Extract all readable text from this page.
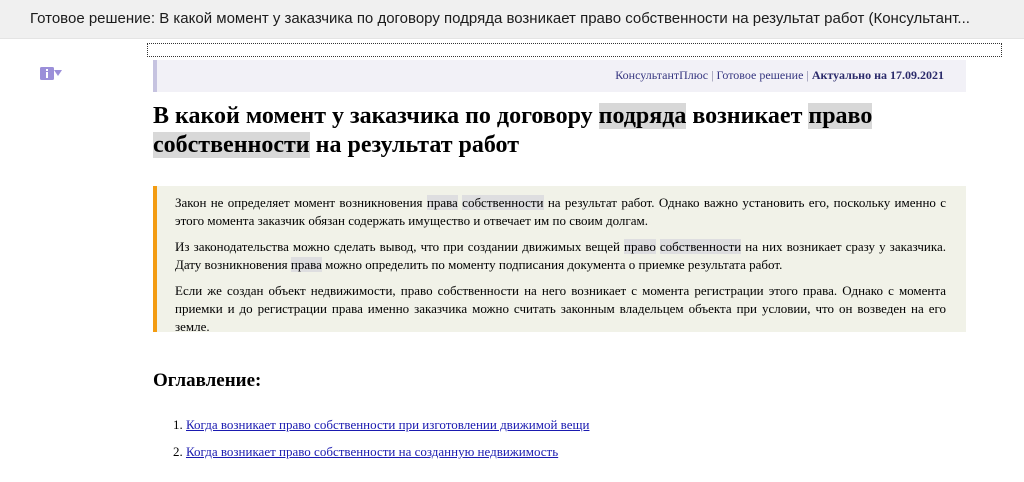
Готовое решение: В какой момент у заказчика по договору подряда возникает право собственности на результат работ (Консультант...
КонсультантПлюс | Готовое решение | Актуально на 17.09.2021
В какой момент у заказчика по договору подряда возникает право собственности на результат работ

Закон не определяет момент возникновения права собственности на результат работ. Однако важно установить его, поскольку именно с этого момента заказчик обязан содержать имущество и отвечает им по своим долгам.

Из законодательства можно сделать вывод, что при создании движимых вещей право собственности на них возникает сразу у заказчика. Дату возникновения права можно определить по моменту подписания документа о приемке результата работ.

Если же создан объект недвижимости, право собственности на него возникает с момента регистрации этого права. Однако с момента приемки и до регистрации права именно заказчика можно считать законным владельцем объекта при условии, что он возведен на его земле.

Оглавление:
1. Когда возникает право собственности при изготовлении движимой вещи
2. Когда возникает право собственности на созданную недвижимость
